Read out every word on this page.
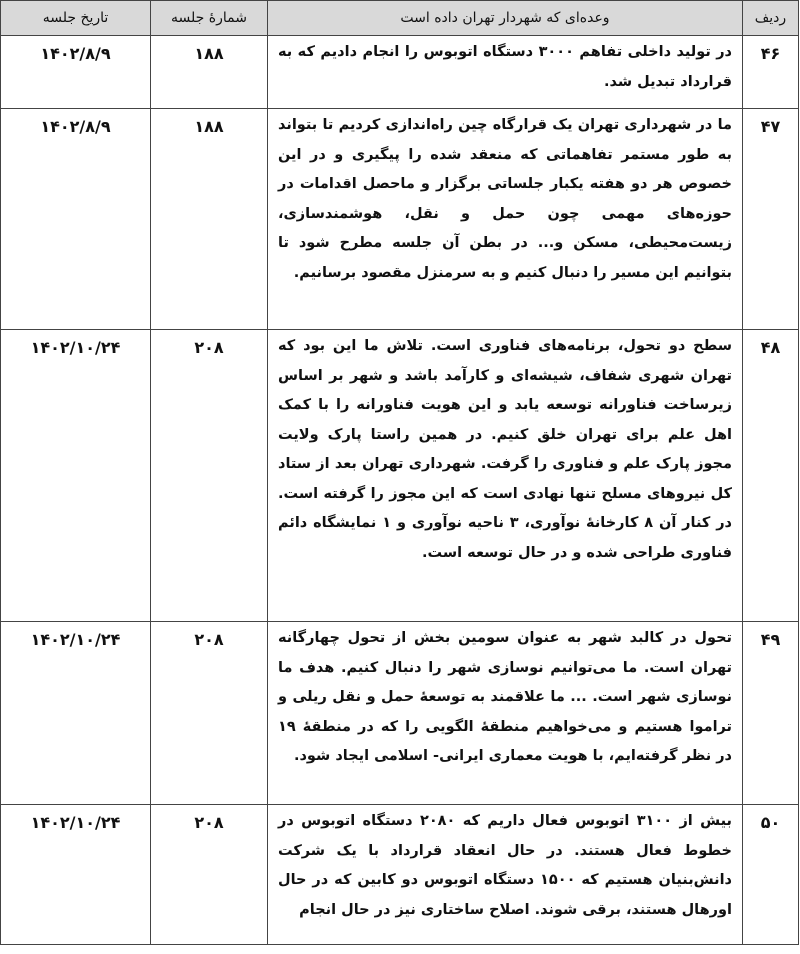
ردیف	وعده‌ای که شهردار تهران داده است	شمارۀ جلسه	تاریخ جلسه
۴۶	در تولید داخلی تفاهم ۳۰۰۰ دستگاه اتوبوس را انجام دادیم که به قرارداد تبدیل شد.	۱۸۸	۱۴۰۲/۸/۹
۴۷	ما در شهرداری تهران یک قرارگاه چین راه‌اندازی کردیم تا بتواند به طور مستمر تفاهماتی که منعقد شده را پیگیری و در این خصوص هر دو هفته یکبار جلساتی برگزار و ماحصل اقدامات در حوزه‌های مهمی چون حمل و نقل، هوشمندسازی، زیست‌محیطی، مسکن و... در بطن آن جلسه مطرح شود تا بتوانیم این مسیر را دنبال کنیم و به سرمنزل مقصود برسانیم.	۱۸۸	۱۴۰۲/۸/۹
۴۸	سطح دو تحول، برنامه‌های فناوری است. تلاش ما این بود که تهران شهری شفاف، شیشه‌ای و کارآمد باشد و شهر بر اساس زیرساخت فناورانه توسعه یابد و این هویت فناورانه را با کمک اهل علم برای تهران خلق کنیم. در همین راستا پارک ولایت مجوز پارک علم و فناوری را گرفت. شهرداری تهران بعد از ستاد کل نیروهای مسلح تنها نهادی است که این مجوز را گرفته است. در کنار آن ۸ کارخانۀ نوآوری، ۳ ناحیه نوآوری و ۱ نمایشگاه دائم فناوری طراحی شده و در حال توسعه است.	۲۰۸	۱۴۰۲/۱۰/۲۴
۴۹	تحول در کالبد شهر به عنوان سومین بخش از تحول چهارگانه تهران است. ما می‌توانیم نوسازی شهر را دنبال کنیم. هدف ما نوسازی شهر است. ... ما علاقمند به توسعۀ حمل و نقل ریلی و تراموا هستیم و می‌خواهیم منطقۀ الگویی را که در منطقۀ ۱۹ در نظر گرفته‌ایم، با هویت معماری ایرانی- اسلامی ایجاد شود.	۲۰۸	۱۴۰۲/۱۰/۲۴
۵۰	بیش از ۳۱۰۰ اتوبوس فعال داریم که ۲۰۸۰ دستگاه اتوبوس در خطوط فعال هستند. در حال انعقاد قرارداد با یک شرکت دانش‌بنیان هستیم که ۱۵۰۰ دستگاه اتوبوس دو کابین که در حال اورهال هستند، برقی شوند. اصلاح ساختاری نیز در حال انجام	۲۰۸	۱۴۰۲/۱۰/۲۴
